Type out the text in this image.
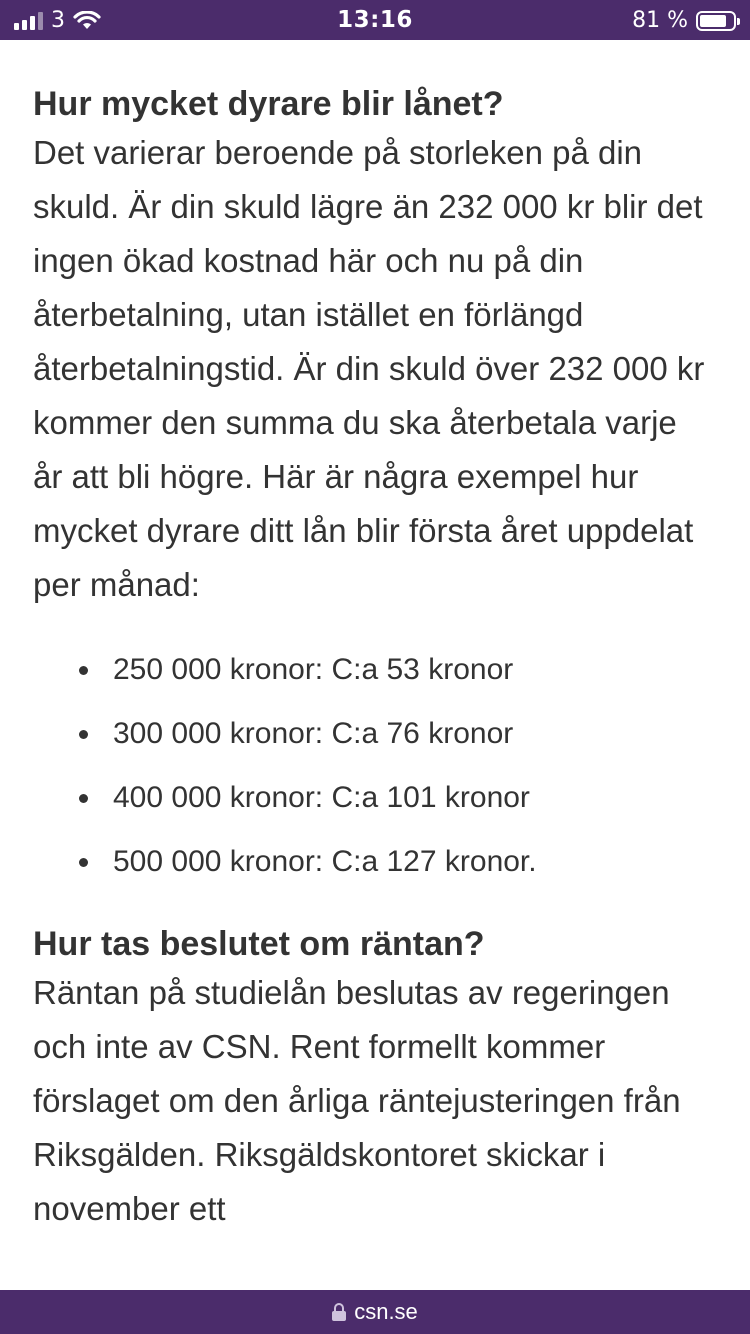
3	13:16	81 %
Hur mycket dyrare blir lånet?

Det varierar beroende på storleken på din skuld. Är din skuld lägre än 232 000 kr blir det ingen ökad kostnad här och nu på din återbetalning, utan istället en förlängd återbetalningstid. Är din skuld över 232 000 kr kommer den summa du ska återbetala varje år att bli högre. Här är några exempel hur mycket dyrare ditt lån blir första året uppdelat per månad:

250 000 kronor: C:a 53 kronor
300 000 kronor: C:a 76 kronor
400 000 kronor: C:a 101 kronor
500 000 kronor: C:a 127 kronor.
Hur tas beslutet om räntan?

Räntan på studielån beslutas av regeringen och inte av CSN. Rent formellt kommer förslaget om den årliga räntejusteringen från Riksgälden. Riksgäldskontoret skickar i november ett

csn.se
